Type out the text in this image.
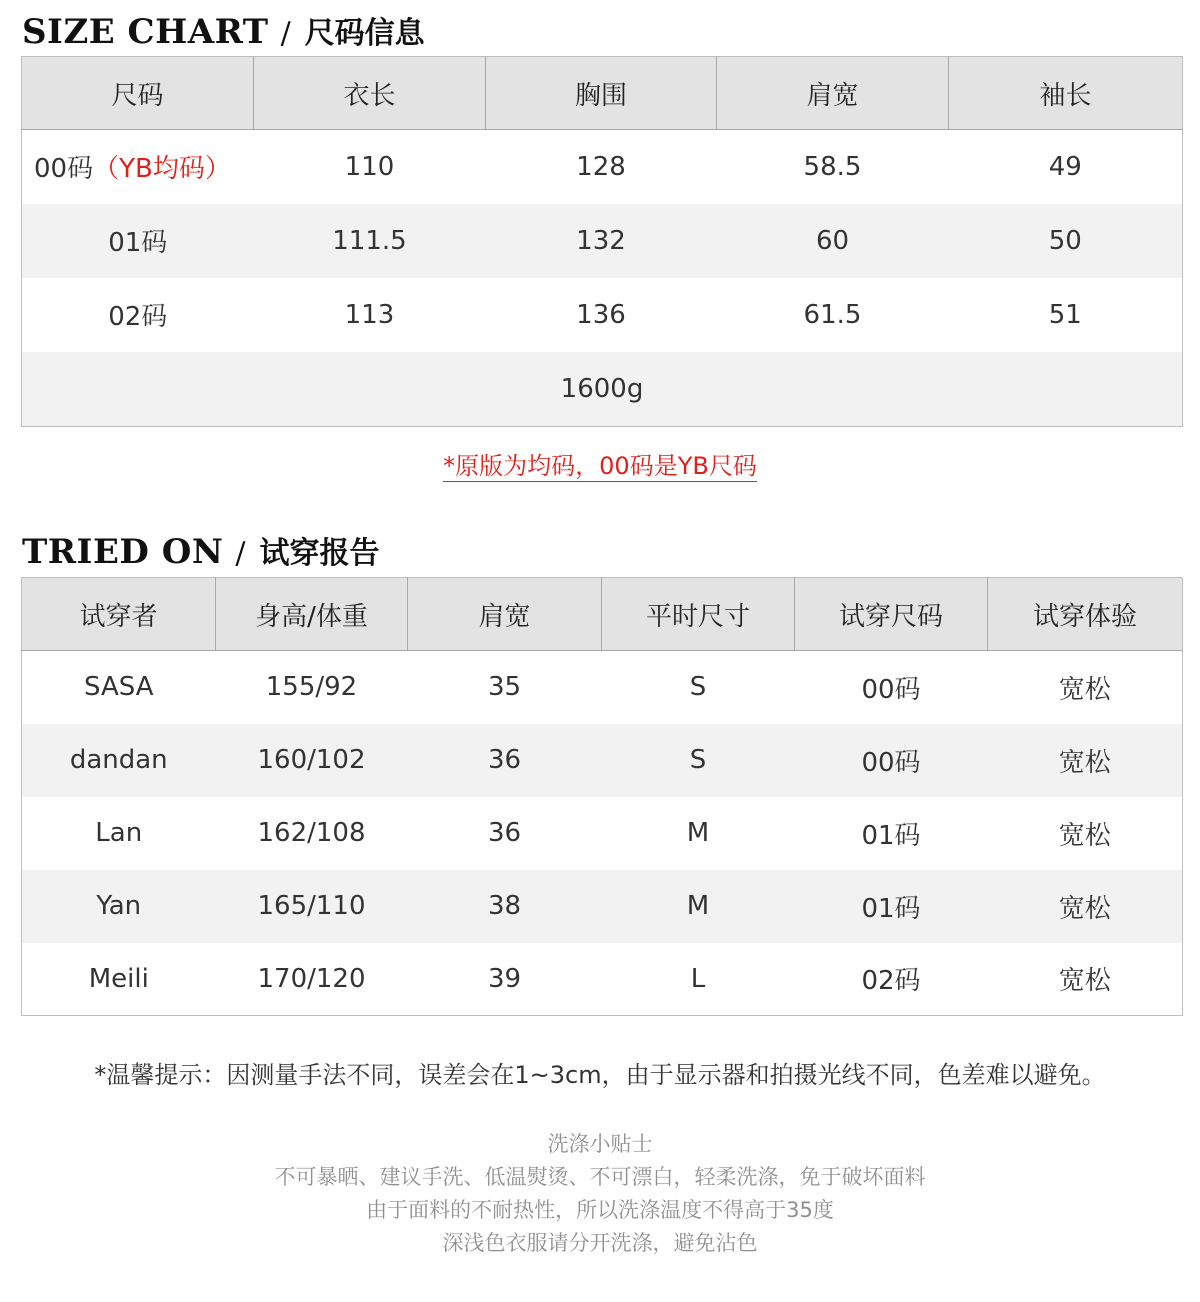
SIZE CHART / 尺码信息
尺码	衣长	胸围	肩宽	袖长
00码（YB均码）	110	128	58.5	49
01码	111.5	132	60	50
02码	113	136	61.5	51
1600g				
*原版为均码，00码是YB尺码
TRIED ON / 试穿报告
试穿者	身高/体重	肩宽	平时尺寸	试穿尺码	试穿体验
SASA	155/92	35	S	00码	宽松
dandan	160/102	36	S	00码	宽松
Lan	162/108	36	M	01码	宽松
Yan	165/110	38	M	01码	宽松
Meili	170/120	39	L	02码	宽松
*温馨提示：因测量手法不同，误差会在1~3cm，由于显示器和拍摄光线不同，色差难以避免。
洗涤小贴士
不可暴晒、建议手洗、低温熨烫、不可漂白，轻柔洗涤，免于破坏面料
由于面料的不耐热性，所以洗涤温度不得高于35度
深浅色衣服请分开洗涤，避免沾色
